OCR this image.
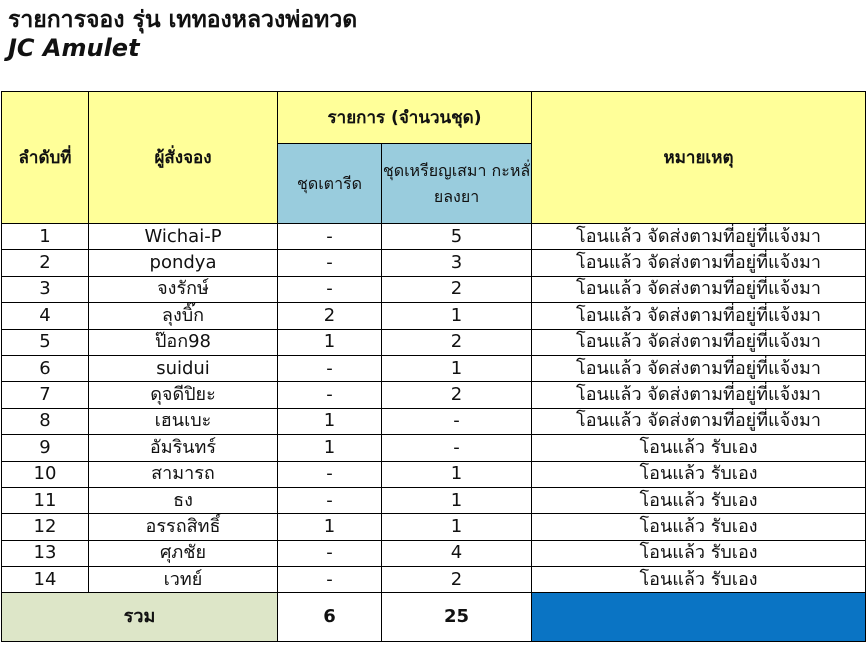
รายการจอง รุ่น เททองหลวงพ่อทวด
JC Amulet
ลำดับที่	ผู้สั่งจอง	รายการ (จำนวนชุด)		หมายเหตุ
		ชุดเตารีด	ชุดเหรียญเสมา กะหลั่ยลงยา	
1	Wichai-P	-	5	โอนแล้ว จัดส่งตามที่อยู่ที่แจ้งมา
2	pondya	-	3	โอนแล้ว จัดส่งตามที่อยู่ที่แจ้งมา
3	จงรักษ์	-	2	โอนแล้ว จัดส่งตามที่อยู่ที่แจ้งมา
4	ลุงบิ๊ก	2	1	โอนแล้ว จัดส่งตามที่อยู่ที่แจ้งมา
5	ป๊อก98	1	2	โอนแล้ว จัดส่งตามที่อยู่ที่แจ้งมา
6	suidui	-	1	โอนแล้ว จัดส่งตามที่อยู่ที่แจ้งมา
7	ดุจดีปิยะ	-	2	โอนแล้ว จัดส่งตามที่อยู่ที่แจ้งมา
8	เฮนเบะ	1	-	โอนแล้ว จัดส่งตามที่อยู่ที่แจ้งมา
9	อัมรินทร์	1	-	โอนแล้ว รับเอง
10	สามารถ	-	1	โอนแล้ว รับเอง
11	ธง	-	1	โอนแล้ว รับเอง
12	อรรถสิทธิ์	1	1	โอนแล้ว รับเอง
13	ศุภชัย	-	4	โอนแล้ว รับเอง
14	เวทย์	-	2	โอนแล้ว รับเอง
รวม		6	25	
